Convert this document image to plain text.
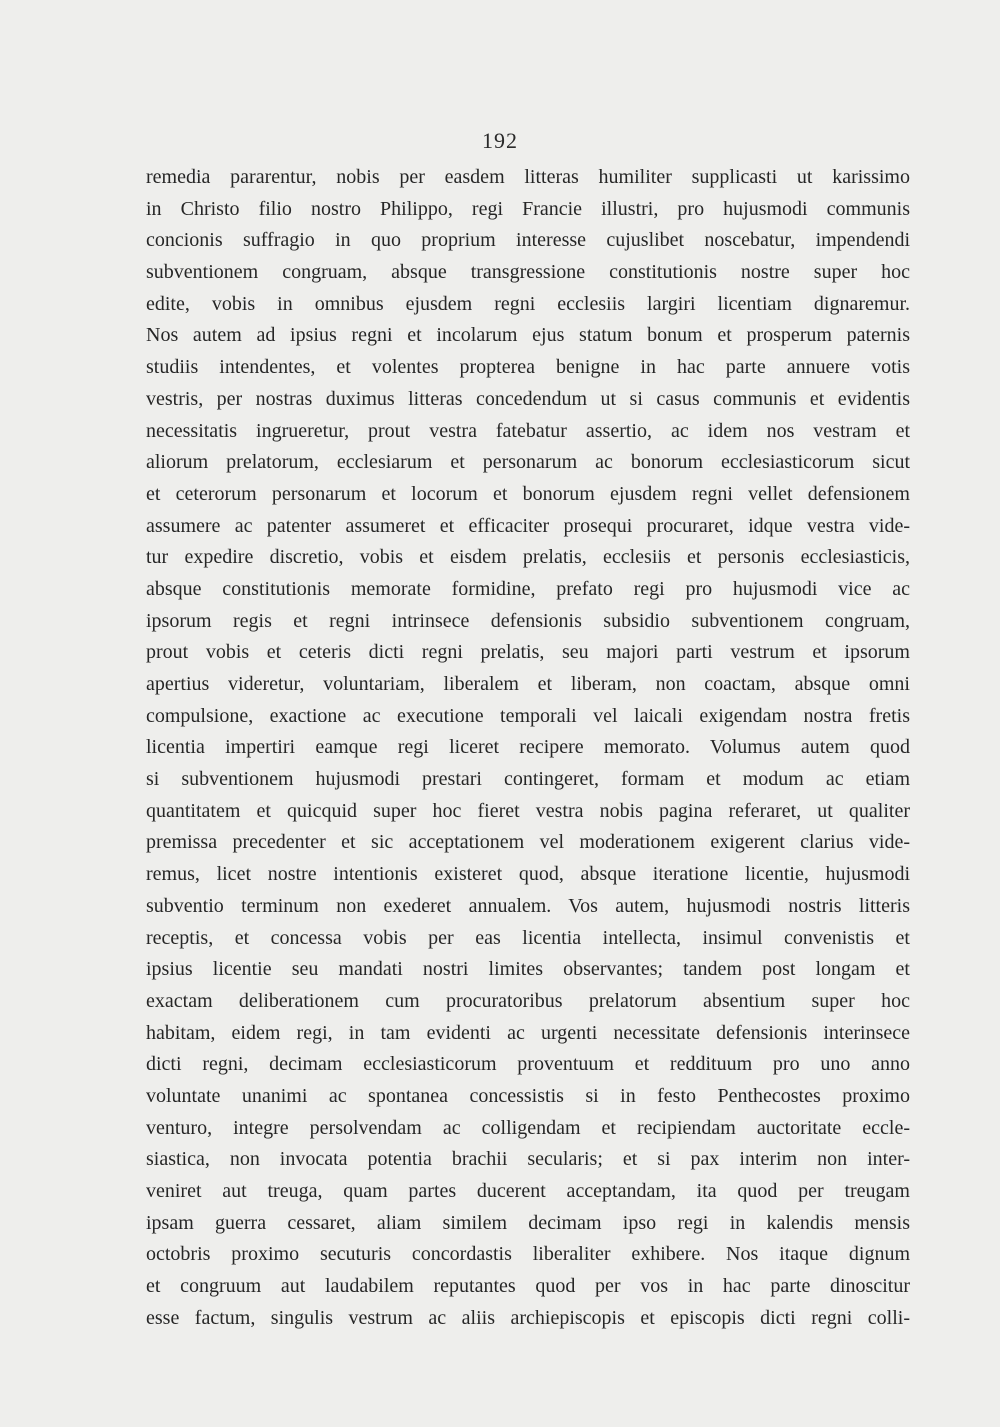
192
remedia pararentur, nobis per easdem litteras humiliter supplicasti ut karissimo
in Christo filio nostro Philippo, regi Francie illustri, pro hujusmodi communis
concionis suffragio in quo proprium interesse cujuslibet noscebatur, impendendi
subventionem congruam, absque transgressione constitutionis nostre super hoc
edite, vobis in omnibus ejusdem regni ecclesiis largiri licentiam dignaremur.
Nos autem ad ipsius regni et incolarum ejus statum bonum et prosperum paternis
studiis intendentes, et volentes propterea benigne in hac parte annuere votis
vestris, per nostras duximus litteras concedendum ut si casus communis et evidentis
necessitatis ingrueretur, prout vestra fatebatur assertio, ac idem nos vestram et
aliorum prelatorum, ecclesiarum et personarum ac bonorum ecclesiasticorum sicut
et ceterorum personarum et locorum et bonorum ejusdem regni vellet defensionem
assumere ac patenter assumeret et efficaciter prosequi procuraret, idque vestra vide-
tur expedire discretio, vobis et eisdem prelatis, ecclesiis et personis ecclesiasticis,
absque constitutionis memorate formidine, prefato regi pro hujusmodi vice ac
ipsorum regis et regni intrinsece defensionis subsidio subventionem congruam,
prout vobis et ceteris dicti regni prelatis, seu majori parti vestrum et ipsorum
apertius videretur, voluntariam, liberalem et liberam, non coactam, absque omni
compulsione, exactione ac executione temporali vel laicali exigendam nostra fretis
licentia impertiri eamque regi liceret recipere memorato. Volumus autem quod
si subventionem hujusmodi prestari contingeret, formam et modum ac etiam
quantitatem et quicquid super hoc fieret vestra nobis pagina referaret, ut qualiter
premissa precedenter et sic acceptationem vel moderationem exigerent clarius vide-
remus, licet nostre intentionis existeret quod, absque iteratione licentie, hujusmodi
subventio terminum non exederet annualem. Vos autem, hujusmodi nostris litteris
receptis, et concessa vobis per eas licentia intellecta, insimul convenistis et
ipsius licentie seu mandati nostri limites observantes; tandem post longam et
exactam deliberationem cum procuratoribus prelatorum absentium super hoc
habitam, eidem regi, in tam evidenti ac urgenti necessitate defensionis interinsece
dicti regni, decimam ecclesiasticorum proventuum et reddituum pro uno anno
voluntate unanimi ac spontanea concessistis si in festo Penthecostes proximo
venturo, integre persolvendam ac colligendam et recipiendam auctoritate eccle-
siastica, non invocata potentia brachii secularis; et si pax interim non inter-
veniret aut treuga, quam partes ducerent acceptandam, ita quod per treugam
ipsam guerra cessaret, aliam similem decimam ipso regi in kalendis mensis
octobris proximo secuturis concordastis liberaliter exhibere. Nos itaque dignum
et congruum aut laudabilem reputantes quod per vos in hac parte dinoscitur
esse factum, singulis vestrum ac aliis archiepiscopis et episcopis dicti regni colli-
